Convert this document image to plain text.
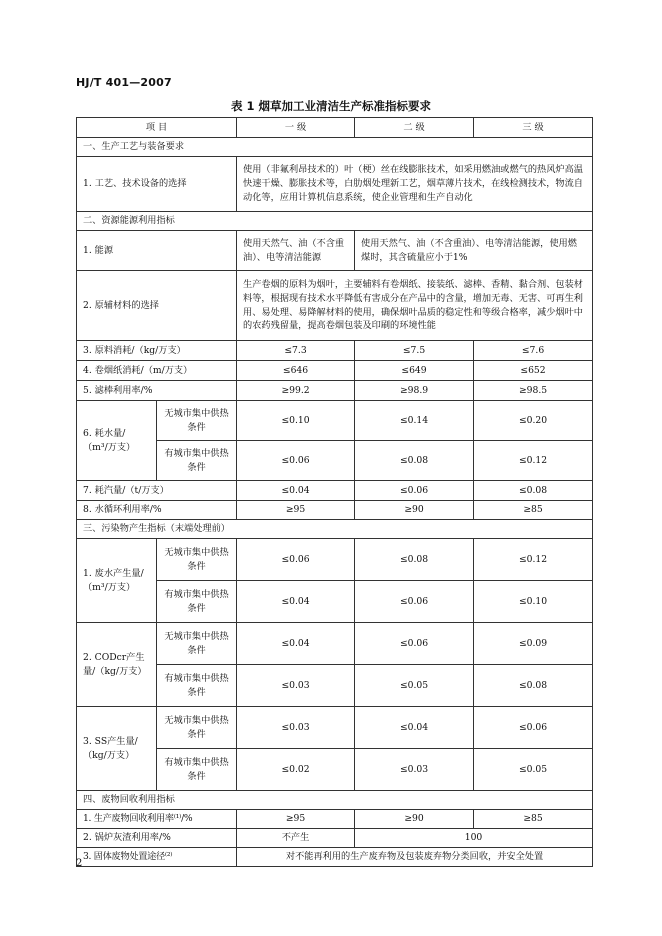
HJ/T 401—2007
表 1 烟草加工业清洁生产标准指标要求
项 目		一 级	二 级	三 级
一、生产工艺与装备要求				
1. 工艺、技术设备的选择		使用（非氟利昂技术的）叶（梗）丝在线膨胀技术，如采用燃油或燃气的热风炉高温快速干燥、膨胀技术等，白肋烟处理新工艺，烟草薄片技术，在线检测技术，物流自动化等，应用计算机信息系统，使企业管理和生产自动化		
二、资源能源利用指标				
1. 能源		使用天然气、油（不含重油）、电等清洁能源	使用天然气、油（不含重油）、电等清洁能源，使用燃煤时，其含硫量应小于1%	
2. 原辅材料的选择		生产卷烟的原料为烟叶，主要辅料有卷烟纸、接装纸、滤棒、香精、黏合剂、包装材料等，根据现有技术水平降低有害成分在产品中的含量，增加无毒、无害、可再生利用、易处理、易降解材料的使用，确保烟叶品质的稳定性和等级合格率，减少烟叶中的农药残留量，提高卷烟包装及印刷的环境性能		
3. 原料消耗/（kg/万支）		≤7.3	≤7.5	≤7.6
4. 卷烟纸消耗/（m/万支）		≤646	≤649	≤652
5. 滤棒利用率/%		≥99.2	≥98.9	≥98.5
6. 耗水量/（m³/万支）	无城市集中供热条件	≤0.10	≤0.14	≤0.20
	有城市集中供热条件	≤0.06	≤0.08	≤0.12
7. 耗汽量/（t/万支）		≤0.04	≤0.06	≤0.08
8. 水循环利用率/%		≥95	≥90	≥85
三、污染物产生指标（末端处理前）				
1. 废水产生量/（m³/万支）	无城市集中供热条件	≤0.06	≤0.08	≤0.12
	有城市集中供热条件	≤0.04	≤0.06	≤0.10
2. CODcr产生量/（kg/万支）	无城市集中供热条件	≤0.04	≤0.06	≤0.09
	有城市集中供热条件	≤0.03	≤0.05	≤0.08
3. SS产生量/（kg/万支）	无城市集中供热条件	≤0.03	≤0.04	≤0.06
	有城市集中供热条件	≤0.02	≤0.03	≤0.05
四、废物回收利用指标				
1. 生产废物回收利用率⁽¹⁾/%		≥95	≥90	≥85
2. 锅炉灰渣利用率/%		不产生	100	
3. 固体废物处置途径⁽²⁾		对不能再利用的生产废弃物及包装废弃物分类回收，并安全处置		
2
